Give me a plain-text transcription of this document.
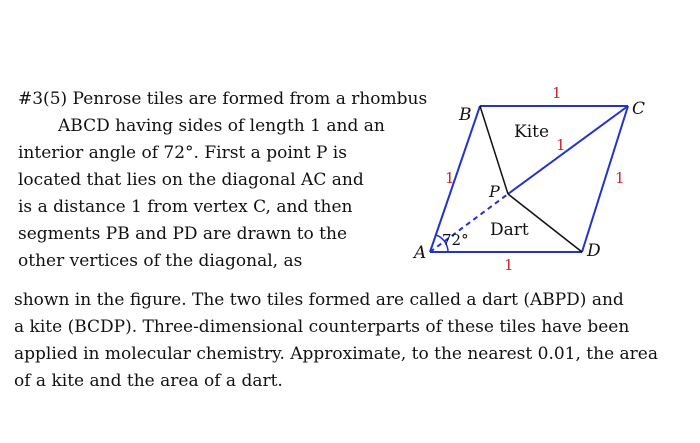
#3(5) Penrose tiles are formed from a rhombus
ABCD having sides of length 1 and an
interior angle of 72°. First a point P is
located that lies on the diagonal AC and
is a distance 1 from vertex C, and then
segments PB and PD are drawn to the
other vertices of the diagonal, as
B	C
A	D
P
Kite
Dart
72°
1
1	1
1
1
shown in the figure. The two tiles formed are called a dart (ABPD) and
a kite (BCDP). Three-dimensional counterparts of these tiles have been
applied in molecular chemistry. Approximate, to the nearest 0.01, the area
of a kite and the area of a dart.
